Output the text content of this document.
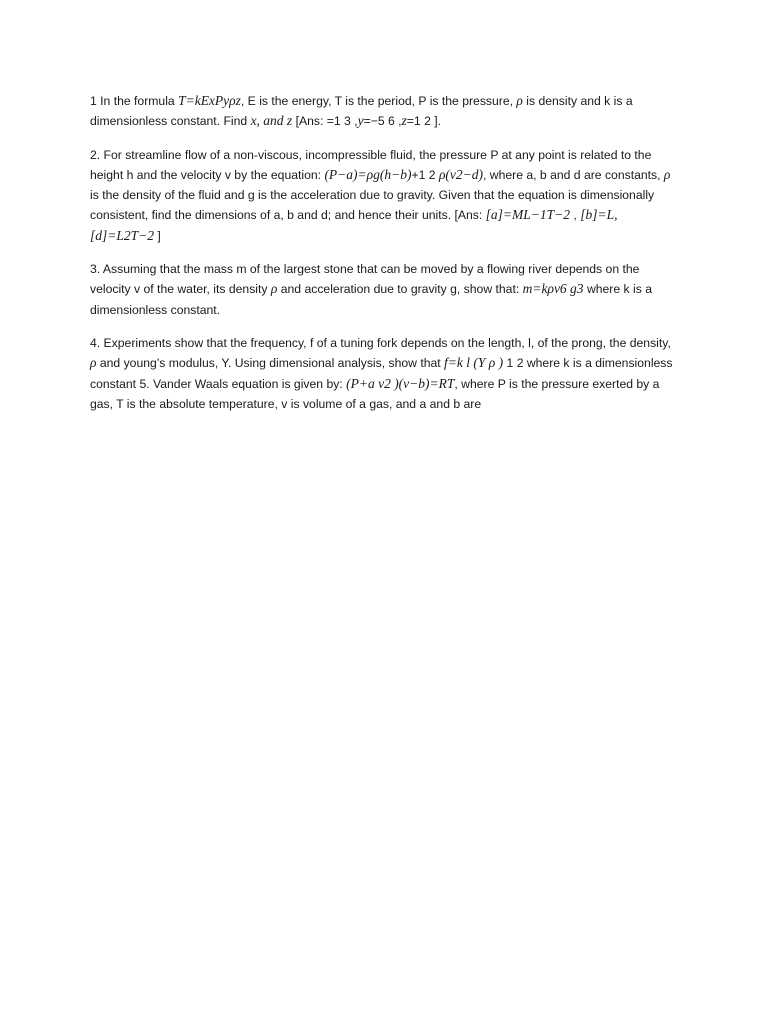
1 In the formula T=kExPyρz, E is the energy, T is the period, P is the pressure, ρ is density and k is a dimensionless constant. Find x, and z [Ans: =1 3 ,y=−5 6 ,z=1 2 ].

2. For streamline flow of a non-viscous, incompressible fluid, the pressure P at any point is related to the height h and the velocity v by the equation: (P−a)=ρg(h−b)+1 2 ρ(v2−d), where a, b and d are constants, ρ is the density of the fluid and g is the acceleration due to gravity. Given that the equation is dimensionally consistent, find the dimensions of a, b and d; and hence their units. [Ans: [a]=ML−1T−2 , [b]=L, [d]=L2T−2 ]

3. Assuming that the mass m of the largest stone that can be moved by a flowing river depends on the velocity v of the water, its density ρ and acceleration due to gravity g, show that: m=kρv6 g3 where k is a dimensionless constant.

4. Experiments show that the frequency, f of a tuning fork depends on the length, l, of the prong, the density, ρ and young’s modulus, Y. Using dimensional analysis, show that f=k l (Y ρ ) 1 2 where k is a dimensionless constant 5. Vander Waals equation is given by: (P+a v2 )(v−b)=RT, where P is the pressure exerted by a gas, T is the absolute temperature, v is volume of a gas, and a and b are
